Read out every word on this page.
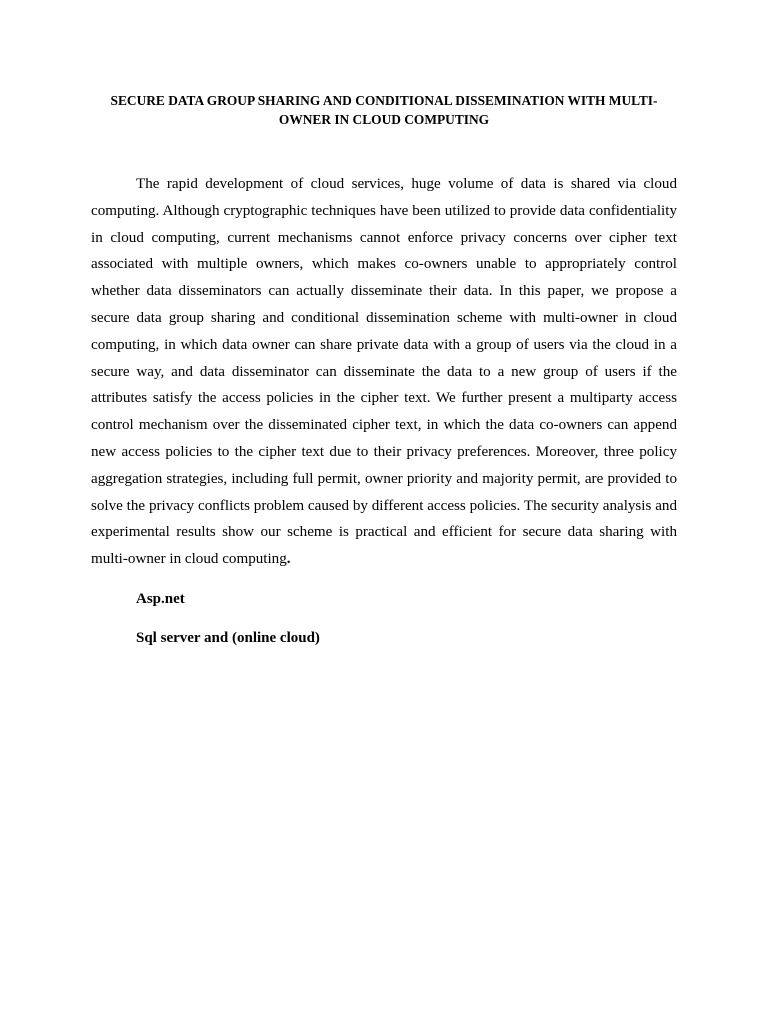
SECURE DATA GROUP SHARING AND CONDITIONAL DISSEMINATION WITH MULTI-OWNER IN CLOUD COMPUTING

The rapid development of cloud services, huge volume of data is shared via cloud computing. Although cryptographic techniques have been utilized to provide data confidentiality in cloud computing, current mechanisms cannot enforce privacy concerns over cipher text associated with multiple owners, which makes co-owners unable to appropriately control whether data disseminators can actually disseminate their data. In this paper, we propose a secure data group sharing and conditional dissemination scheme with multi-owner in cloud computing, in which data owner can share private data with a group of users via the cloud in a secure way, and data disseminator can disseminate the data to a new group of users if the attributes satisfy the access policies in the cipher text. We further present a multiparty access control mechanism over the disseminated cipher text, in which the data co-owners can append new access policies to the cipher text due to their privacy preferences. Moreover, three policy aggregation strategies, including full permit, owner priority and majority permit, are provided to solve the privacy conflicts problem caused by different access policies. The security analysis and experimental results show our scheme is practical and efficient for secure data sharing with multi-owner in cloud computing.

Asp.net

Sql server and (online cloud)
